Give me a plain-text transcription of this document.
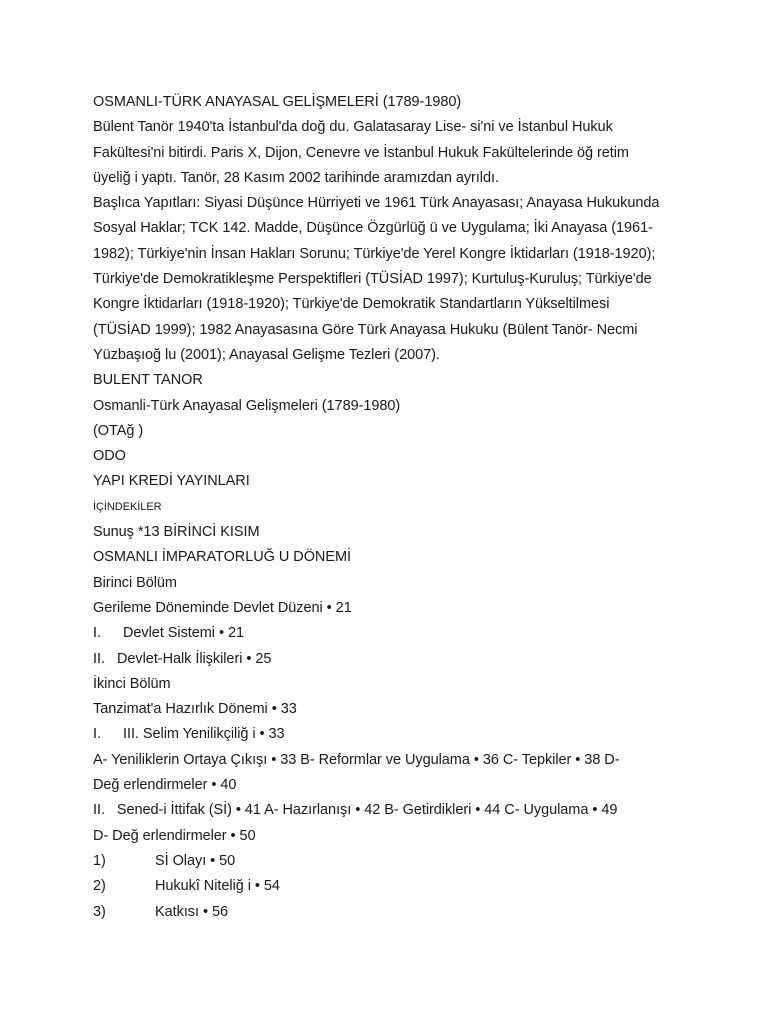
OSMANLI-TÜRK ANAYASAL GELİŞMELERİ (1789-1980)
Bülent Tanör 1940'ta İstanbul'da doğ du. Galatasaray Lise- si'ni ve İstanbul Hukuk
Fakültesi'ni bitirdi. Paris X, Dijon, Cenevre ve İstanbul Hukuk Fakültelerinde öğ retim
üyeliğ i yaptı. Tanör, 28 Kasım 2002 tarihinde aramızdan ayrıldı.
Başlıca Yapıtları: Siyasi Düşünce Hürriyeti ve 1961 Türk Anayasası; Anayasa Hukukunda
Sosyal Haklar; TCK 142. Madde, Düşünce Özgürlüğ ü ve Uygulama; İki Anayasa (1961-
1982); Türkiye'nin İnsan Hakları Sorunu; Türkiye'de Yerel Kongre İktidarları (1918-1920);
Türkiye'de Demokratikleşme Perspektifleri (TÜSİAD 1997); Kurtuluş-Kuruluş; Türkiye'de
Kongre İktidarları (1918-1920); Türkiye'de Demokratik Standartların Yükseltilmesi
(TÜSİAD 1999); 1982 Anayasasına Göre Türk Anayasa Hukuku (Bülent Tanör- Necmi
Yüzbaşıoğ lu (2001); Anayasal Gelişme Tezleri (2007).
BULENT TANOR
Osmanli-Türk Anayasal Gelişmeleri (1789-1980)
(OTAğ )
ODO
YAPI KREDİ YAYINLARI
İÇİNDEKİLER
Sunuş *13 BİRİNCİ KISIM
OSMANLI İMPARATORLUĞ U DÖNEMİ
Birinci Bölüm
Gerileme Döneminde Devlet Düzeni • 21
I. Devlet Sistemi • 21
II. Devlet-Halk İlişkileri • 25
İkinci Bölüm
Tanzimat'a Hazırlık Dönemi • 33
I. III. Selim Yenilikçiliğ i • 33
A- Yeniliklerin Ortaya Çıkışı • 33 B- Reformlar ve Uygulama • 36 C- Tepkiler • 38 D-
Değ erlendirmeler • 40
II.   Sened-i İttifak (Sİ) • 41 A- Hazırlanışı • 42 B- Getirdikleri • 44 C- Uygulama • 49
D- Değ erlendirmeler • 50
1)	Sİ Olayı • 50
2)	Hukukî Niteliğ i • 54
3)	Katkısı • 56
